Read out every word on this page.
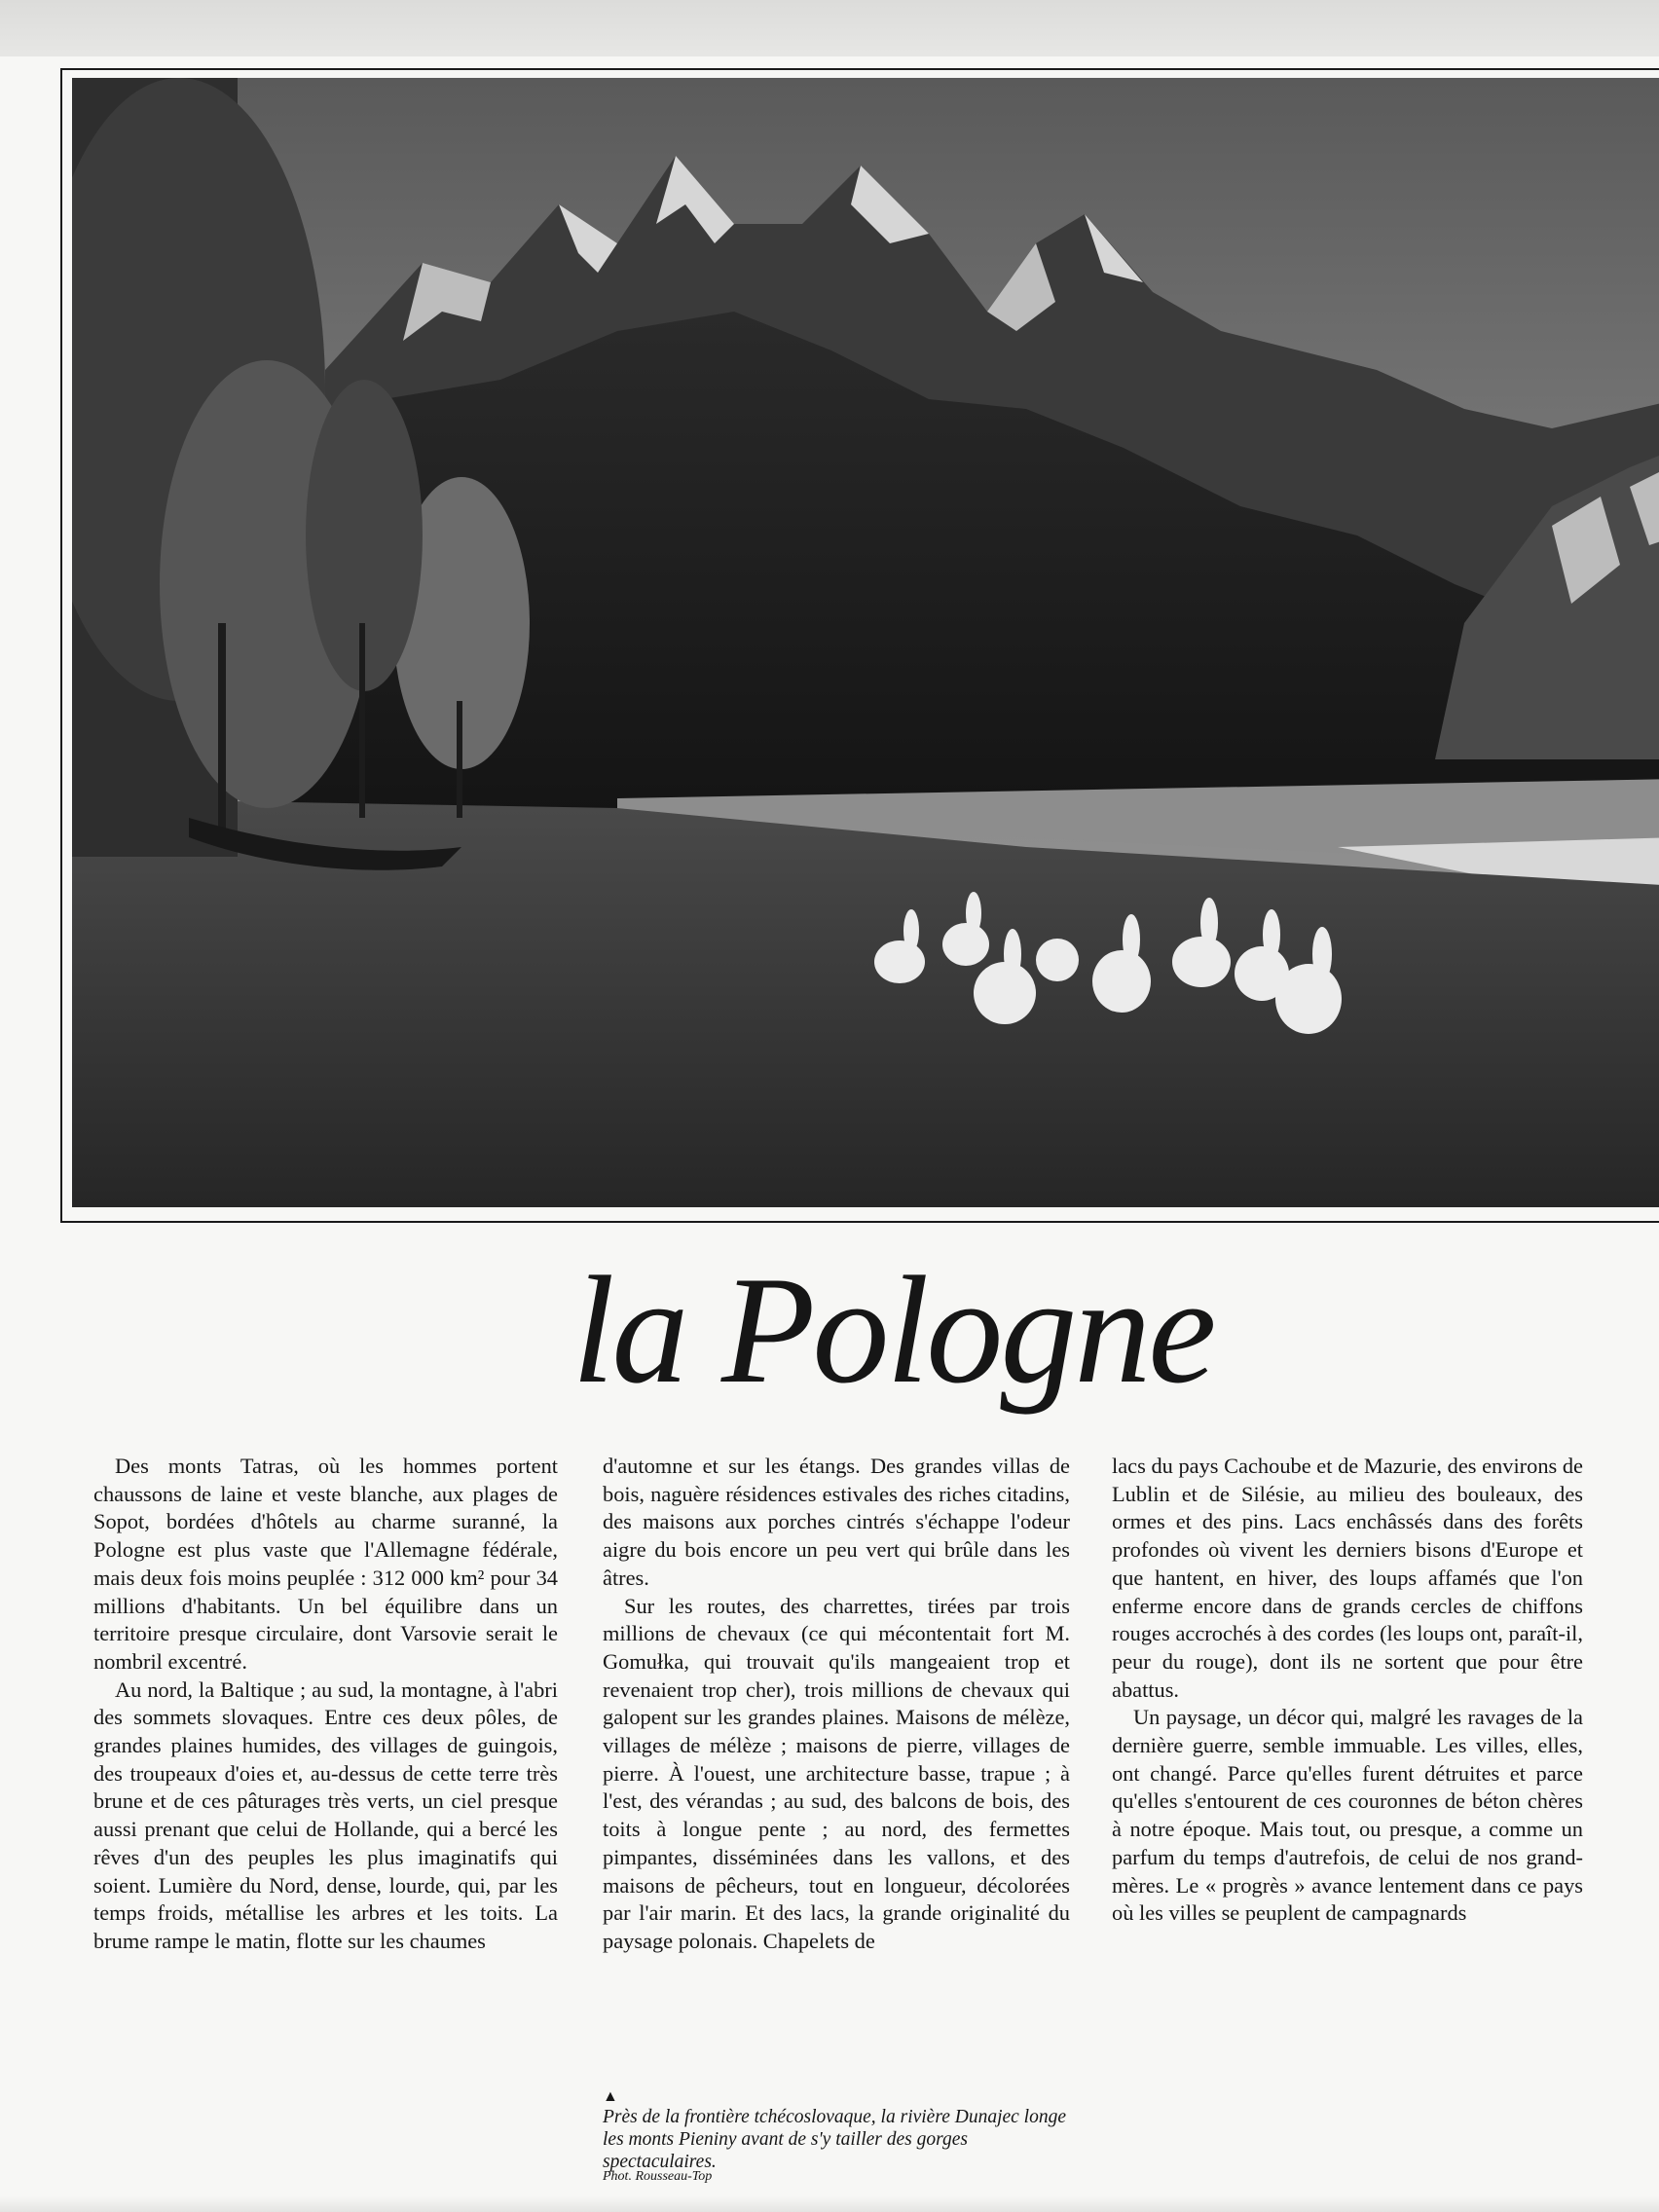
la Pologne

Des monts Tatras, où les hommes portent chaussons de laine et veste blanche, aux plages de Sopot, bordées d'hôtels au charme suranné, la Pologne est plus vaste que l'Allemagne fédérale, mais deux fois moins peuplée : 312 000 km² pour 34 millions d'habitants. Un bel équilibre dans un territoire presque circulaire, dont Varsovie serait le nombril excentré.

Au nord, la Baltique ; au sud, la montagne, à l'abri des sommets slovaques. Entre ces deux pôles, de grandes plaines humides, des villages de guingois, des troupeaux d'oies et, au-dessus de cette terre très brune et de ces pâturages très verts, un ciel presque aussi prenant que celui de Hollande, qui a bercé les rêves d'un des peuples les plus imaginatifs qui soient. Lumière du Nord, dense, lourde, qui, par les temps froids, métallise les arbres et les toits. La brume rampe le matin, flotte sur les chaumes

d'automne et sur les étangs. Des grandes villas de bois, naguère résidences estivales des riches citadins, des maisons aux porches cintrés s'échappe l'odeur aigre du bois encore un peu vert qui brûle dans les âtres.

Sur les routes, des charrettes, tirées par trois millions de chevaux (ce qui mécontentait fort M. Gomułka, qui trouvait qu'ils mangeaient trop et revenaient trop cher), trois millions de chevaux qui galopent sur les grandes plaines. Maisons de mélèze, villages de mélèze ; maisons de pierre, villages de pierre. À l'ouest, une architecture basse, trapue ; à l'est, des vérandas ; au sud, des balcons de bois, des toits à longue pente ; au nord, des fermettes pimpantes, disséminées dans les vallons, et des maisons de pêcheurs, tout en longueur, décolorées par l'air marin. Et des lacs, la grande originalité du paysage polonais. Chapelets de

lacs du pays Cachoube et de Mazurie, des environs de Lublin et de Silésie, au milieu des bouleaux, des ormes et des pins. Lacs enchâssés dans des forêts profondes où vivent les derniers bisons d'Europe et que hantent, en hiver, des loups affamés que l'on enferme encore dans de grands cercles de chiffons rouges accrochés à des cordes (les loups ont, paraît-il, peur du rouge), dont ils ne sortent que pour être abattus.

Un paysage, un décor qui, malgré les ravages de la dernière guerre, semble immuable. Les villes, elles, ont changé. Parce qu'elles furent détruites et parce qu'elles s'entourent de ces couronnes de béton chères à notre époque. Mais tout, ou presque, a comme un parfum du temps d'autrefois, de celui de nos grand-mères. Le « progrès » avance lentement dans ce pays où les villes se peuplent de campagnards

▲
Près de la frontière tchécoslovaque, la rivière Dunajec longe les monts Pieniny avant de s'y tailler des gorges spectaculaires.
Phot. Rousseau-Top
